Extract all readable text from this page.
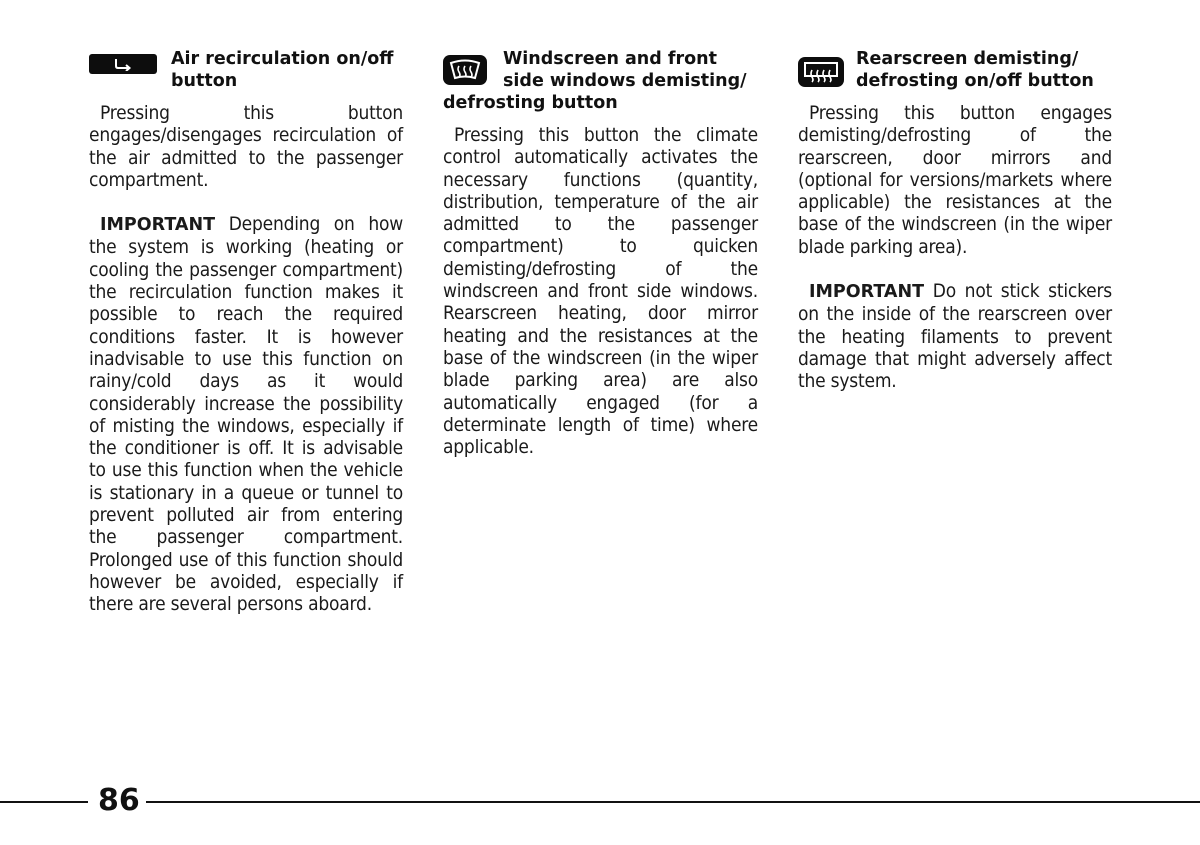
Air recirculation on/off button

Pressing this button engages/disengages recirculation of the air admitted to the passenger compartment.

IMPORTANT Depending on how the system is working (heating or cooling the passenger compartment) the recirculation function makes it possible to reach the required conditions faster. It is however inadvisable to use this function on rainy/cold days as it would considerably increase the possibility of misting the windows, especially if the conditioner is off. It is advisable to use this function when the vehicle is stationary in a queue or tunnel to prevent polluted air from entering the passenger compartment. Prolonged use of this function should however be avoided, especially if there are several persons aboard.

Windscreen and front side windows demisting/ defrosting button

Pressing this button the climate control automatically activates the necessary functions (quantity, distribution, temperature of the air admitted to the passenger compartment) to quicken demisting/defrosting of the windscreen and front side windows. Rearscreen heating, door mirror heating and the resistances at the base of the windscreen (in the wiper blade parking area) are also automatically engaged (for a determinate length of time) where applicable.

Rearscreen demisting/ defrosting on/off button

Pressing this button engages demisting/defrosting of the rearscreen, door mirrors and (optional for versions/markets where applicable) the resistances at the base of the windscreen (in the wiper blade parking area).

IMPORTANT Do not stick stickers on the inside of the rearscreen over the heating filaments to prevent damage that might adversely affect the system.

86
